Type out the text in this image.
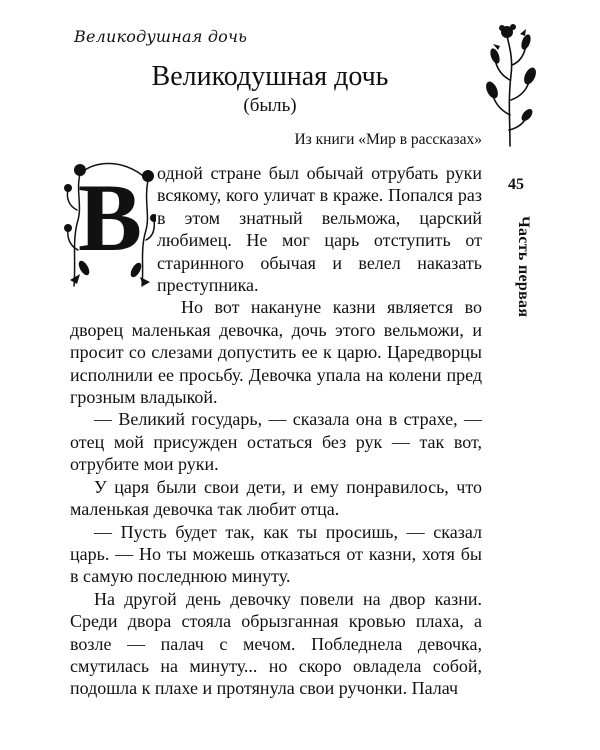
Великодушная дочь
Великодушная дочь
(быль)
Из книги «Мир в рассказах»
45
Часть первая
В одной стране был обычай отрубать руки всякому, кого уличат в краже. Попался раз в этом знатный вельможа, царский любимец. Не мог царь отступить от старинного обычая и велел наказать преступника.

Но вот накануне казни является во дворец маленькая девочка, дочь этого вельможи, и просит со слезами допустить ее к царю. Царедворцы исполнили ее просьбу. Девочка упала на колени пред грозным владыкой.

— Великий государь, — сказала она в страхе, — отец мой присужден остаться без рук — так вот, отрубите мои руки.

У царя были свои дети, и ему понравилось, что маленькая девочка так любит отца.

— Пусть будет так, как ты просишь, — сказал царь. — Но ты можешь отказаться от казни, хотя бы в самую последнюю минуту.

На другой день девочку повели на двор казни. Среди двора стояла обрызганная кровью плаха, а возле — палач с мечом. Побледнела девочка, смутилась на минуту... но скоро овладела собой, подошла к плахе и протянула свои ручонки. Палач
